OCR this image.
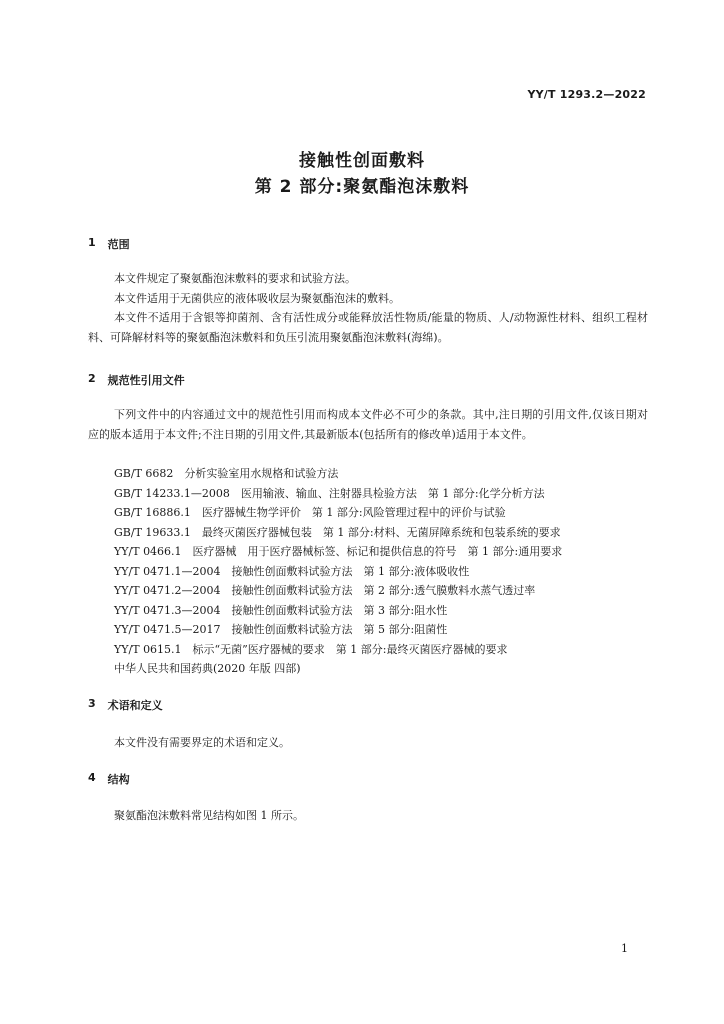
YY/T 1293.2—2022
接触性创面敷料
第 2 部分:聚氨酯泡沫敷料
1 范围

本文件规定了聚氨酯泡沫敷料的要求和试验方法。

本文件适用于无菌供应的液体吸收层为聚氨酯泡沫的敷料。

本文件不适用于含银等抑菌剂、含有活性成分或能释放活性物质/能量的物质、人/动物源性材料、组织工程材料、可降解材料等的聚氨酯泡沫敷料和负压引流用聚氨酯泡沫敷料(海绵)。

2 规范性引用文件

下列文件中的内容通过文中的规范性引用而构成本文件必不可少的条款。其中,注日期的引用文件,仅该日期对应的版本适用于本文件;不注日期的引用文件,其最新版本(包括所有的修改单)适用于本文件。

GB/T 6682　分析实验室用水规格和试验方法
GB/T 14233.1—2008　医用输液、输血、注射器具检验方法　第 1 部分:化学分析方法
GB/T 16886.1　医疗器械生物学评价　第 1 部分:风险管理过程中的评价与试验
GB/T 19633.1　最终灭菌医疗器械包装　第 1 部分:材料、无菌屏障系统和包装系统的要求
YY/T 0466.1　医疗器械　用于医疗器械标签、标记和提供信息的符号　第 1 部分:通用要求
YY/T 0471.1—2004　接触性创面敷料试验方法　第 1 部分:液体吸收性
YY/T 0471.2—2004　接触性创面敷料试验方法　第 2 部分:透气膜敷料水蒸气透过率
YY/T 0471.3—2004　接触性创面敷料试验方法　第 3 部分:阻水性
YY/T 0471.5—2017　接触性创面敷料试验方法　第 5 部分:阻菌性
YY/T 0615.1　标示“无菌”医疗器械的要求　第 1 部分:最终灭菌医疗器械的要求
中华人民共和国药典(2020 年版 四部)
3 术语和定义

本文件没有需要界定的术语和定义。

4 结构

聚氨酯泡沫敷料常见结构如图 1 所示。

1
